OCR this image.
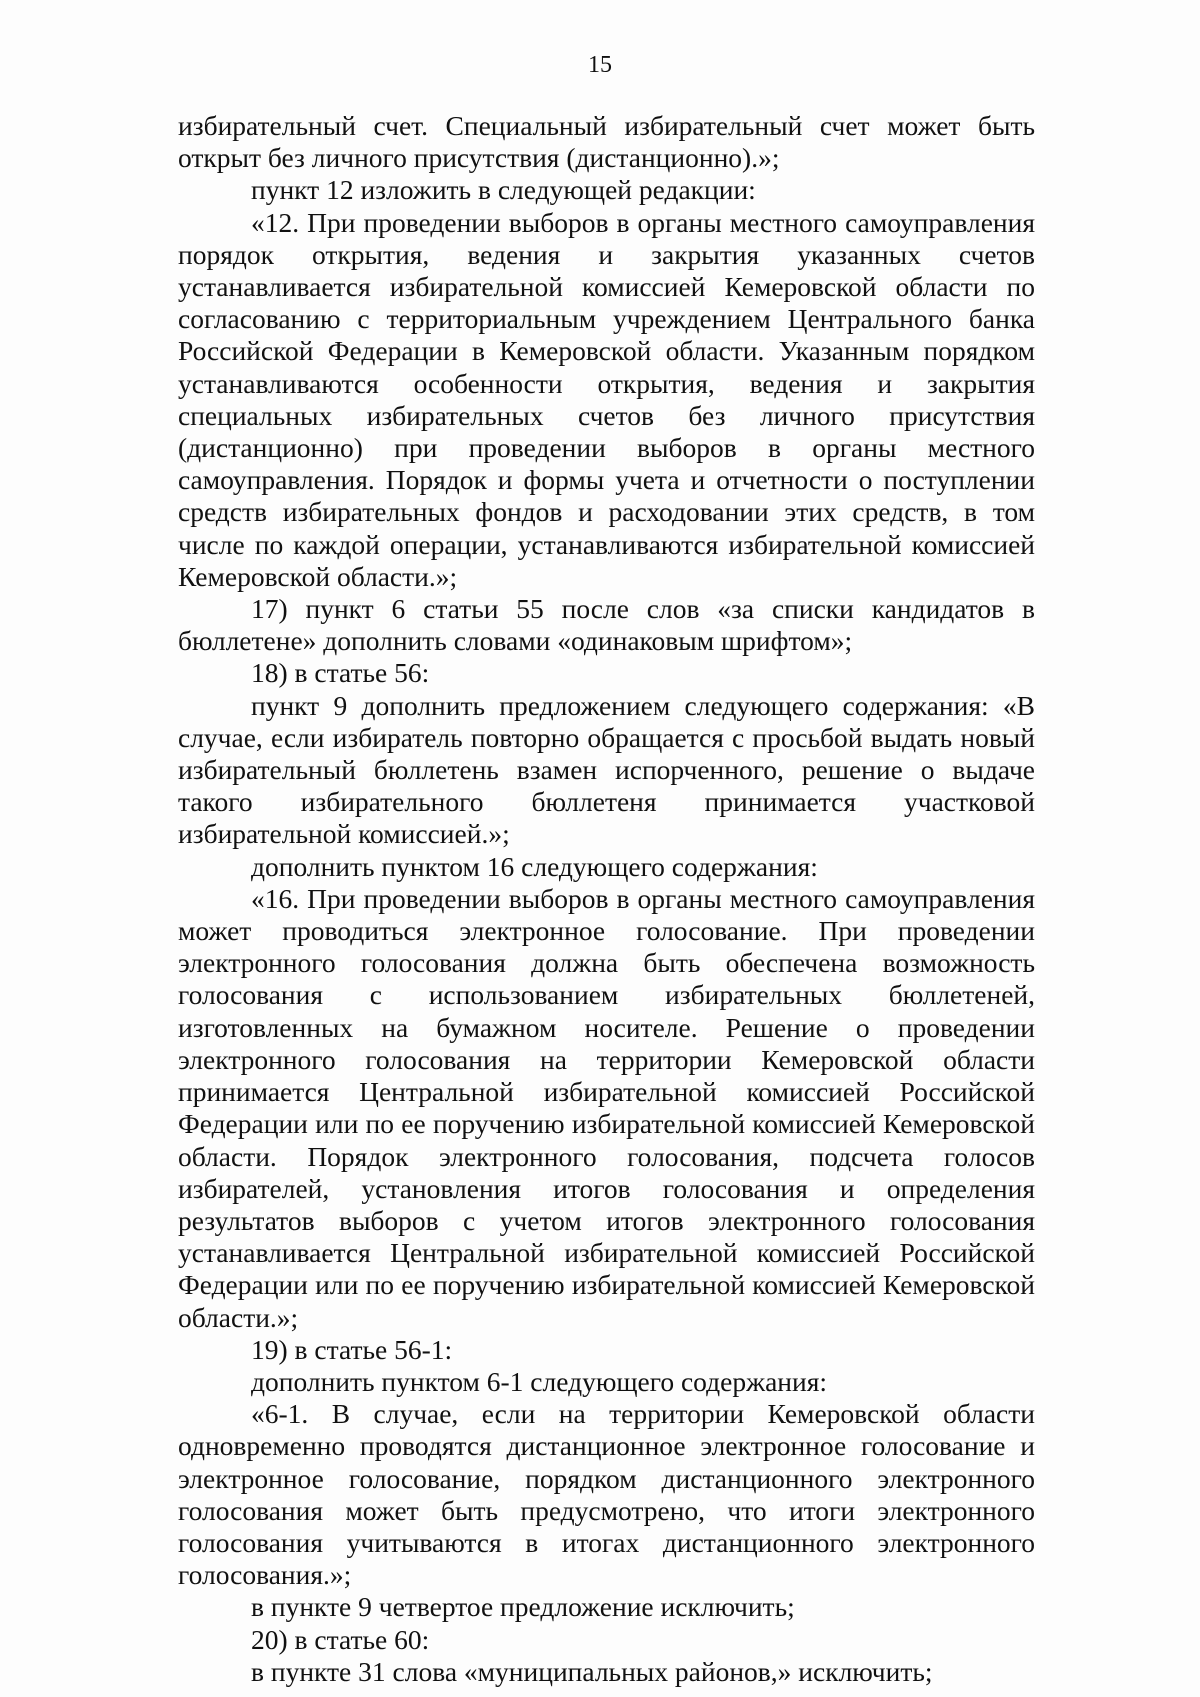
15

избирательный счет. Специальный избирательный счет может быть открыт без личного присутствия (дистанционно).»;

пункт 12 изложить в следующей редакции:

«12. При проведении выборов в органы местного самоуправления порядок открытия, ведения и закрытия указанных счетов устанавливается избирательной комиссией Кемеровской области по согласованию с территориальным учреждением Центрального банка Российской Федерации в Кемеровской области. Указанным порядком устанавливаются особенности открытия, ведения и закрытия специальных избирательных счетов без личного присутствия (дистанционно) при проведении выборов в органы местного самоуправления. Порядок и формы учета и отчетности о поступлении средств избирательных фондов и расходовании этих средств, в том числе по каждой операции, устанавливаются избирательной комиссией Кемеровской области.»;

17) пункт 6 статьи 55 после слов «за списки кандидатов в бюллетене» дополнить словами «одинаковым шрифтом»;

18) в статье 56:

пункт 9 дополнить предложением следующего содержания: «В случае, если избиратель повторно обращается с просьбой выдать новый избирательный бюллетень взамен испорченного, решение о выдаче такого избирательного бюллетеня принимается участковой избирательной комиссией.»;

дополнить пунктом 16 следующего содержания:

«16. При проведении выборов в органы местного самоуправления может проводиться электронное голосование. При проведении электронного голосования должна быть обеспечена возможность голосования с использованием избирательных бюллетеней, изготовленных на бумажном носителе. Решение о проведении электронного голосования на территории Кемеровской области принимается Центральной избирательной комиссией Российской Федерации или по ее поручению избирательной комиссией Кемеровской области. Порядок электронного голосования, подсчета голосов избирателей, установления итогов голосования и определения результатов выборов с учетом итогов электронного голосования устанавливается Центральной избирательной комиссией Российской Федерации или по ее поручению избирательной комиссией Кемеровской области.»;

19) в статье 56-1:

дополнить пунктом 6-1 следующего содержания:

«6-1. В случае, если на территории Кемеровской области одновременно проводятся дистанционное электронное голосование и электронное голосование, порядком дистанционного электронного голосования может быть предусмотрено, что итоги электронного голосования учитываются в итогах дистанционного электронного голосования.»;

в пункте 9 четвертое предложение исключить;

20) в статье 60:

в пункте 31 слова «муниципальных районов,» исключить;
